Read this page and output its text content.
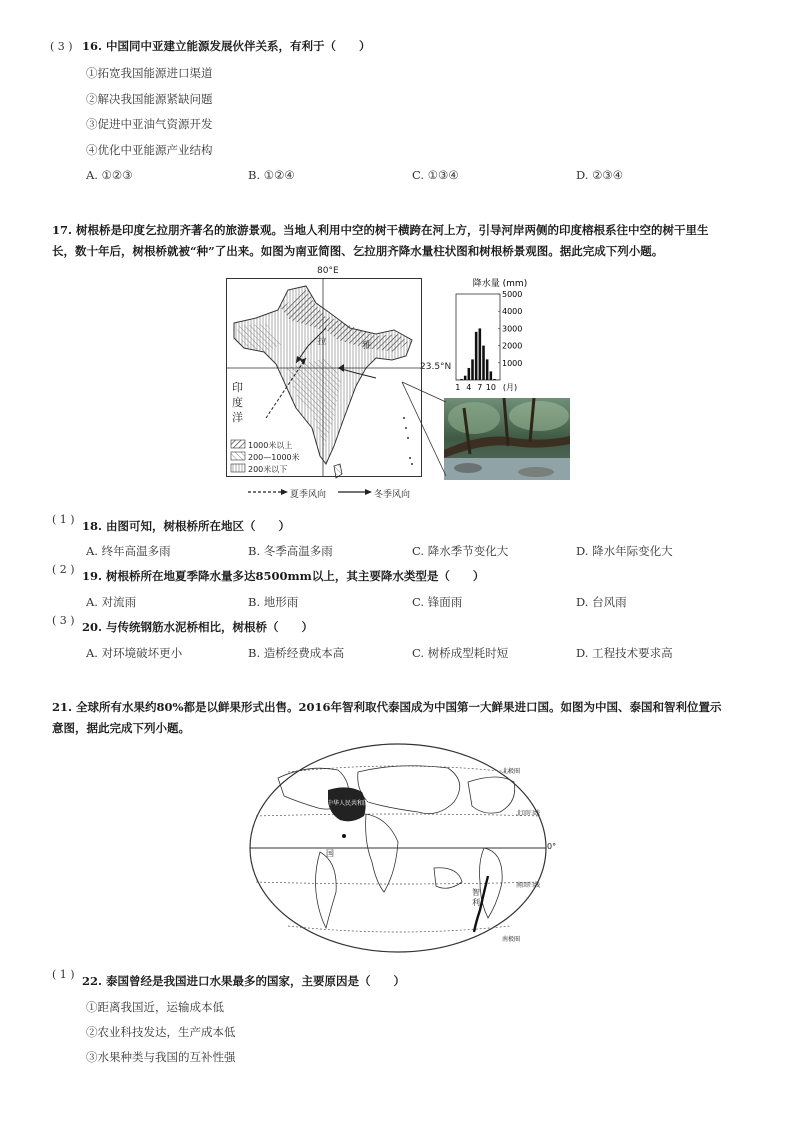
( 3 ) 16. 中国同中亚建立能源发展伙伴关系，有利于（　　）
①拓宽我国能源进口渠道
②解决我国能源紧缺问题
③促进中亚油气资源开发
④优化中亚能源产业结构
A. ①②③	B. ①②④	C. ①③④	D. ②③④
17. 树根桥是印度乞拉朋齐著名的旅游景观。当地人利用中空的树干横跨在河上方，引导河岸两侧的印度榕根系往中空的树干里生
长，数十年后，树根桥就被“种”了出来。如图为南亚简图、乞拉朋齐降水量柱状图和树根桥景观图。据此完成下列小题。
拉	雅
80°E
23.5°N
印
度
洋
1000米以上
200—1000米
200米以下
夏季风向	冬季风向
降水量 (mm)
5000
4000
3000
2000
1000
1 4 7 10 (月)
( 1 ) 18. 由图可知，树根桥所在地区（　　）
A. 终年高温多雨	B. 冬季高温多雨	C. 降水季节变化大	D. 降水年际变化大
( 2 ) 19. 树根桥所在地夏季降水量多达8500mm以上，其主要降水类型是（　　）
A. 对流雨	B. 地形雨	C. 锋面雨	D. 台风雨
( 3 ) 20. 与传统钢筋水泥桥相比，树根桥（　　）
A. 对环境破坏更小	B. 造桥经费成本高	C. 树桥成型耗时短	D. 工程技术要求高
21. 全球所有水果约80%都是以鲜果形式出售。2016年智利取代泰国成为中国第一大鲜果进口国。如图为中国、泰国和智利位置示
意图，据此完成下列小题。
中华人民共和国
国
智
利
北极圈
北回归线
0°
南回归线
南极圈
( 1 ) 22. 泰国曾经是我国进口水果最多的国家，主要原因是（　　）
①距离我国近，运输成本低
②农业科技发达，生产成本低
③水果种类与我国的互补性强
